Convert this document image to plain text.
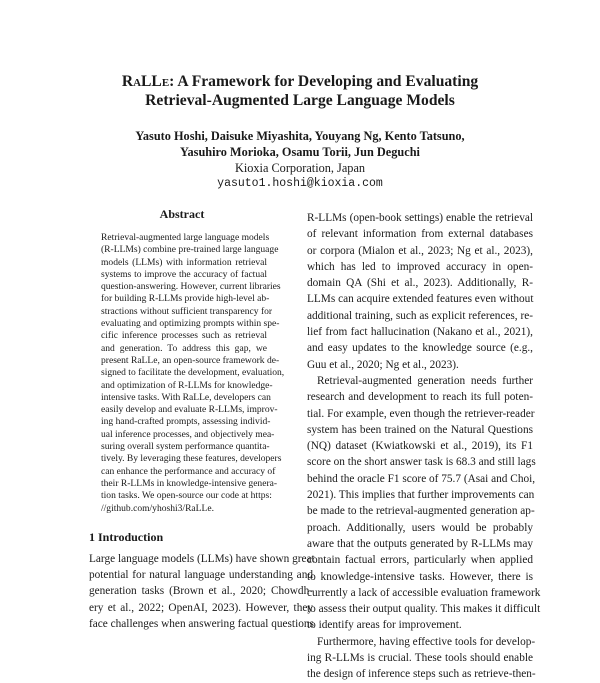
RaLLe: A Framework for Developing and Evaluating
Retrieval-Augmented Large Language Models
Yasuto Hoshi, Daisuke Miyashita, Youyang Ng, Kento Tatsuno,
Yasuhiro Morioka, Osamu Torii, Jun Deguchi
Kioxia Corporation, Japan
yasuto1.hoshi@kioxia.com
Abstract
Retrieval-augmented large language models
(R-LLMs) combine pre-trained large language
models (LLMs) with information retrieval
systems to improve the accuracy of factual
question-answering. However, current libraries
for building R-LLMs provide high-level ab-
stractions without sufficient transparency for
evaluating and optimizing prompts within spe-
cific inference processes such as retrieval
and generation. To address this gap, we
present RaLLe, an open-source framework de-
signed to facilitate the development, evaluation,
and optimization of R-LLMs for knowledge-
intensive tasks. With RaLLe, developers can
easily develop and evaluate R-LLMs, improv-
ing hand-crafted prompts, assessing individ-
ual inference processes, and objectively mea-
suring overall system performance quantita-
tively. By leveraging these features, developers
can enhance the performance and accuracy of
their R-LLMs in knowledge-intensive genera-
tion tasks. We open-source our code at https:
//github.com/yhoshi3/RaLLe.
1 Introduction
Large language models (LLMs) have shown great
potential for natural language understanding and
generation tasks (Brown et al., 2020; Chowdh-
ery et al., 2022; OpenAI, 2023). However, they
face challenges when answering factual questions
R-LLMs (open-book settings) enable the retrieval
of relevant information from external databases
or corpora (Mialon et al., 2023; Ng et al., 2023),
which has led to improved accuracy in open-
domain QA (Shi et al., 2023). Additionally, R-
LLMs can acquire extended features even without
additional training, such as explicit references, re-
lief from fact hallucination (Nakano et al., 2021),
and easy updates to the knowledge source (e.g.,
Guu et al., 2020; Ng et al., 2023).
Retrieval-augmented generation needs further
research and development to reach its full poten-
tial. For example, even though the retriever-reader
system has been trained on the Natural Questions
(NQ) dataset (Kwiatkowski et al., 2019), its F1
score on the short answer task is 68.3 and still lags
behind the oracle F1 score of 75.7 (Asai and Choi,
2021). This implies that further improvements can
be made to the retrieval-augmented generation ap-
proach. Additionally, users would be probably
aware that the outputs generated by R-LLMs may
contain factual errors, particularly when applied
to knowledge-intensive tasks. However, there is
currently a lack of accessible evaluation framework
to assess their output quality. This makes it difficult
to identify areas for improvement.
Furthermore, having effective tools for develop-
ing R-LLMs is crucial. These tools should enable
the design of inference steps such as retrieve-then-
